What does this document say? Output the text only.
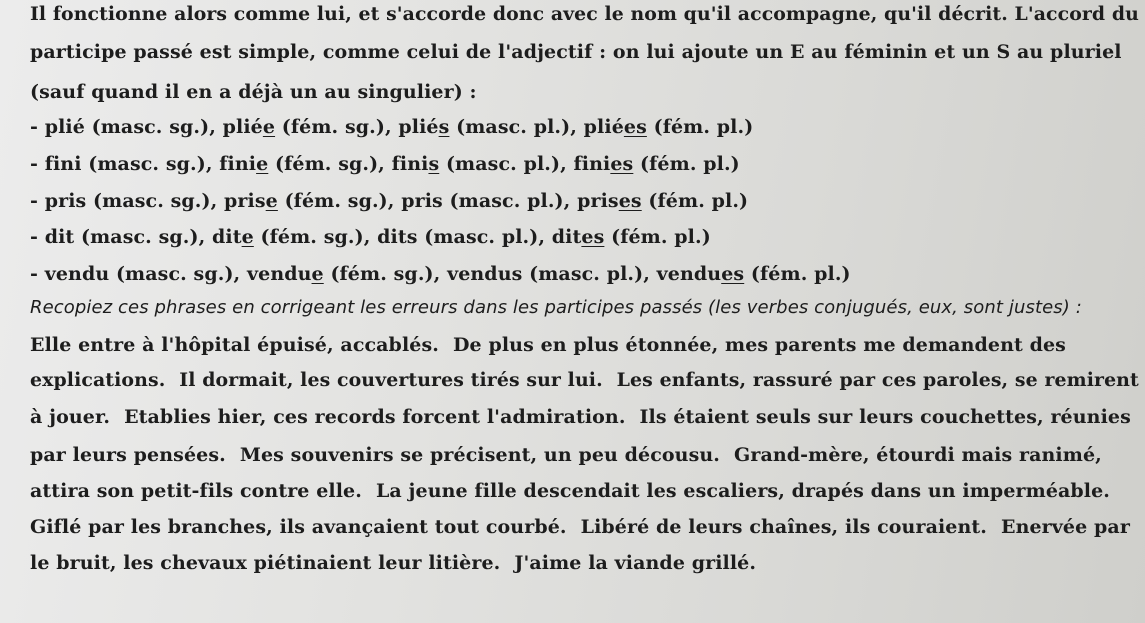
Il fonctionne alors comme lui, et s'accorde donc avec le nom qu'il accompagne, qu'il décrit. L'accord du
participe passé est simple, comme celui de l'adjectif : on lui ajoute un E au féminin et un S au pluriel
(sauf quand il en a déjà un au singulier) :
- plié (masc. sg.), pliée (fém. sg.), pliés (masc. pl.), pliées (fém. pl.)
- fini (masc. sg.), finie (fém. sg.), finis (masc. pl.), finies (fém. pl.)
- pris (masc. sg.), prise (fém. sg.), pris (masc. pl.), prises (fém. pl.)
- dit (masc. sg.), dite (fém. sg.), dits (masc. pl.), dites (fém. pl.)
- vendu (masc. sg.), vendue (fém. sg.), vendus (masc. pl.), vendues (fém. pl.)
Recopiez ces phrases en corrigeant les erreurs dans les participes passés (les verbes conjugués, eux, sont justes) :
Elle entre à l'hôpital épuisé, accablés. De plus en plus étonnée, mes parents me demandent des
explications. Il dormait, les couvertures tirés sur lui. Les enfants, rassuré par ces paroles, se remirent
à jouer. Etablies hier, ces records forcent l'admiration. Ils étaient seuls sur leurs couchettes, réunies
par leurs pensées. Mes souvenirs se précisent, un peu décousu. Grand-mère, étourdi mais ranimé,
attira son petit-fils contre elle. La jeune fille descendait les escaliers, drapés dans un imperméable.
Giflé par les branches, ils avançaient tout courbé. Libéré de leurs chaînes, ils couraient. Enervée par
le bruit, les chevaux piétinaient leur litière. J'aime la viande grillé.
